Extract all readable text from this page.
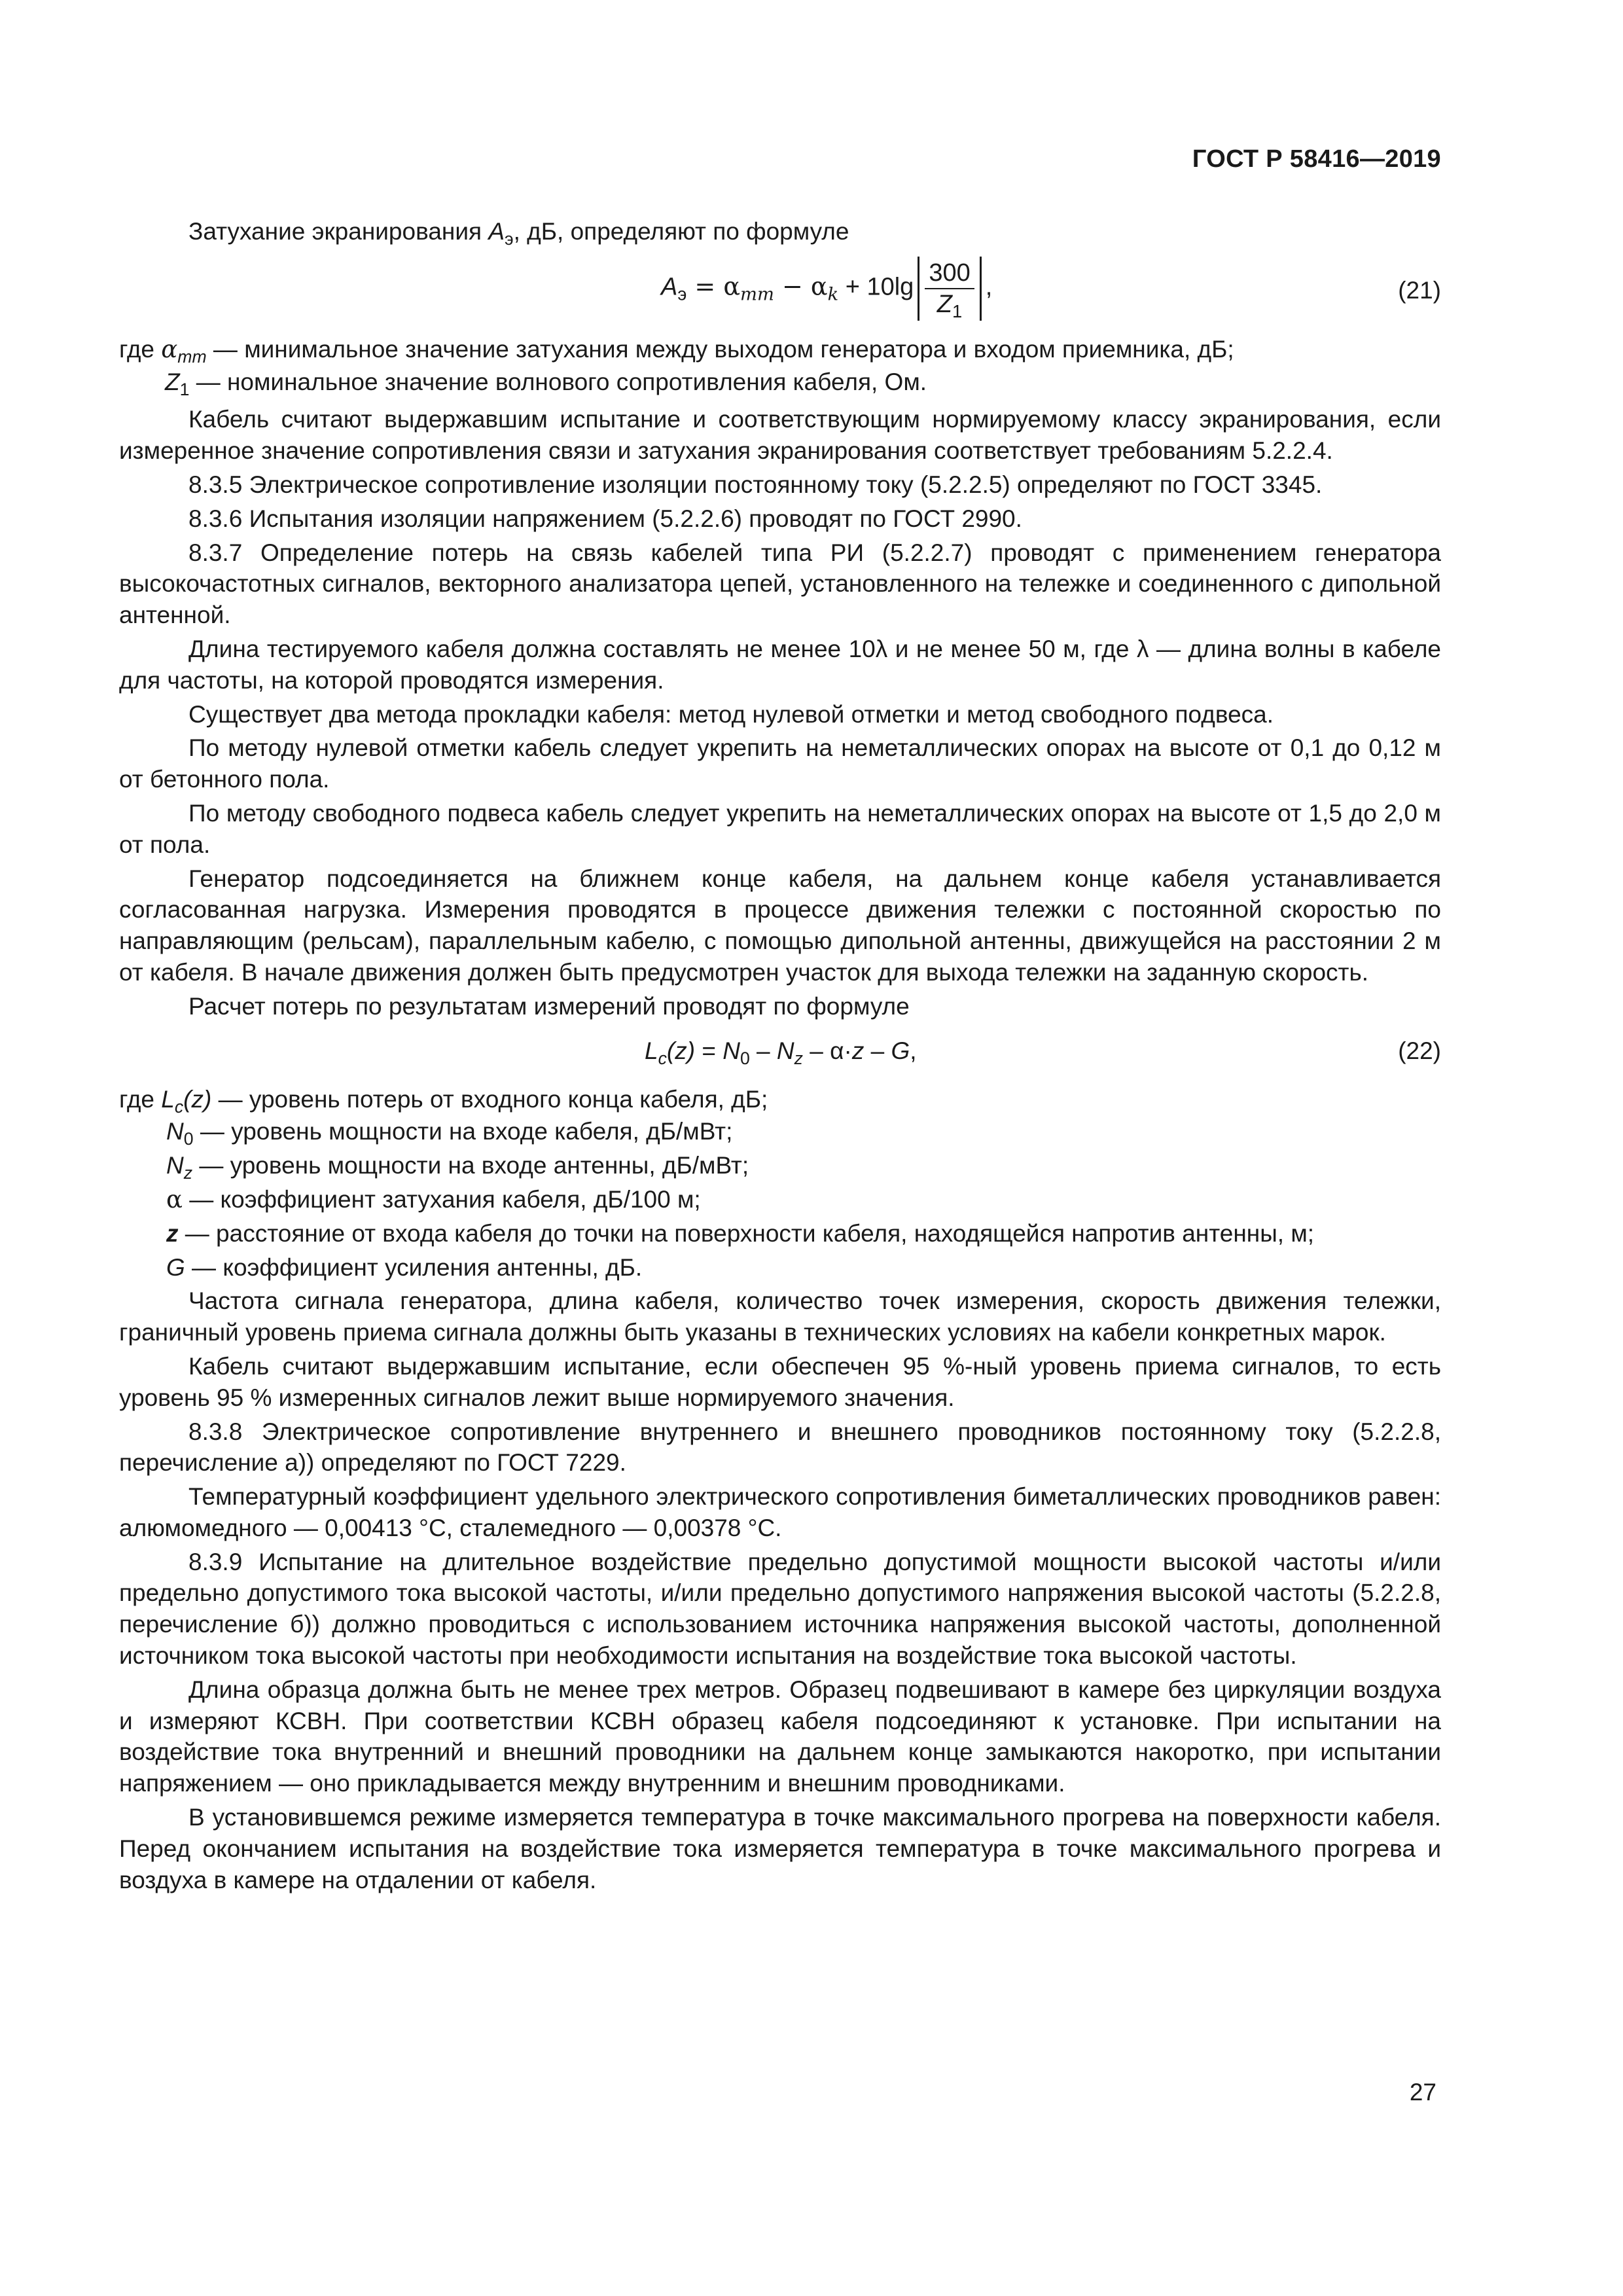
ГОСТ Р 58416—2019

Затухание экранирования $A_э$, дБ, определяют по формуле

$A_э = \alpha_{mm} - \alpha_k + 10\lg \frac{300}{Z_1}$ ,	(21)
где $\alpha_{mm}$ — минимальное значение затухания между выходом генератора и входом приемника, дБ;
$Z_1$ — номинальное значение волнового сопротивления кабеля, Ом.

Кабель считают выдержавшим испытание и соответствующим нормируемому классу экранирования, если измеренное значение сопротивления связи и затухания экранирования соответствует требованиям 5.2.2.4.

8.3.5 Электрическое сопротивление изоляции постоянному току (5.2.2.5) определяют по ГОСТ 3345.

8.3.6 Испытания изоляции напряжением (5.2.2.6) проводят по ГОСТ 2990.

8.3.7 Определение потерь на связь кабелей типа РИ (5.2.2.7) проводят с применением генератора высокочастотных сигналов, векторного анализатора цепей, установленного на тележке и соединенного с дипольной антенной.

Длина тестируемого кабеля должна составлять не менее 10λ и не менее 50 м, где λ — длина волны в кабеле для частоты, на которой проводятся измерения.

Существует два метода прокладки кабеля: метод нулевой отметки и метод свободного подвеса.

По методу нулевой отметки кабель следует укрепить на неметаллических опорах на высоте от 0,1 до 0,12 м от бетонного пола.

По методу свободного подвеса кабель следует укрепить на неметаллических опорах на высоте от 1,5 до 2,0 м от пола.

Генератор подсоединяется на ближнем конце кабеля, на дальнем конце кабеля устанавливается согласованная нагрузка. Измерения проводятся в процессе движения тележки с постоянной скоростью по направляющим (рельсам), параллельным кабелю, с помощью дипольной антенны, движущейся на расстоянии 2 м от кабеля. В начале движения должен быть предусмотрен участок для выхода тележки на заданную скорость.

Расчет потерь по результатам измерений проводят по формуле

$L_c(z) = N_0 - N_z - \alpha\cdot z - G$,	(22)
где $L_c(z)$ — уровень потерь от входного конца кабеля, дБ;
$N_0$ — уровень мощности на входе кабеля, дБ/мВт;
$N_z$ — уровень мощности на входе антенны, дБ/мВт;
α — коэффициент затухания кабеля, дБ/100 м;
z — расстояние от входа кабеля до точки на поверхности кабеля, находящейся напротив антенны, м;
G — коэффициент усиления антенны, дБ.

Частота сигнала генератора, длина кабеля, количество точек измерения, скорость движения тележки, граничный уровень приема сигнала должны быть указаны в технических условиях на кабели конкретных марок.

Кабель считают выдержавшим испытание, если обеспечен 95 %-ный уровень приема сигналов, то есть уровень 95 % измеренных сигналов лежит выше нормируемого значения.

8.3.8 Электрическое сопротивление внутреннего и внешнего проводников постоянному току (5.2.2.8, перечисление а)) определяют по ГОСТ 7229.

Температурный коэффициент удельного электрического сопротивления биметаллических проводников равен: алюмомедного — 0,00413 °С, сталемедного — 0,00378 °С.

8.3.9 Испытание на длительное воздействие предельно допустимой мощности высокой частоты и/или предельно допустимого тока высокой частоты, и/или предельно допустимого напряжения высокой частоты (5.2.2.8, перечисление б)) должно проводиться с использованием источника напряжения высокой частоты, дополненной источником тока высокой частоты при необходимости испытания на воздействие тока высокой частоты.

Длина образца должна быть не менее трех метров. Образец подвешивают в камере без циркуляции воздуха и измеряют КСВН. При соответствии КСВН образец кабеля подсоединяют к установке. При испытании на воздействие тока внутренний и внешний проводники на дальнем конце замыкаются накоротко, при испытании напряжением — оно прикладывается между внутренним и внешним проводниками.

В установившемся режиме измеряется температура в точке максимального прогрева на поверхности кабеля. Перед окончанием испытания на воздействие тока измеряется температура в точке максимального прогрева и воздуха в камере на отдалении от кабеля.

27
